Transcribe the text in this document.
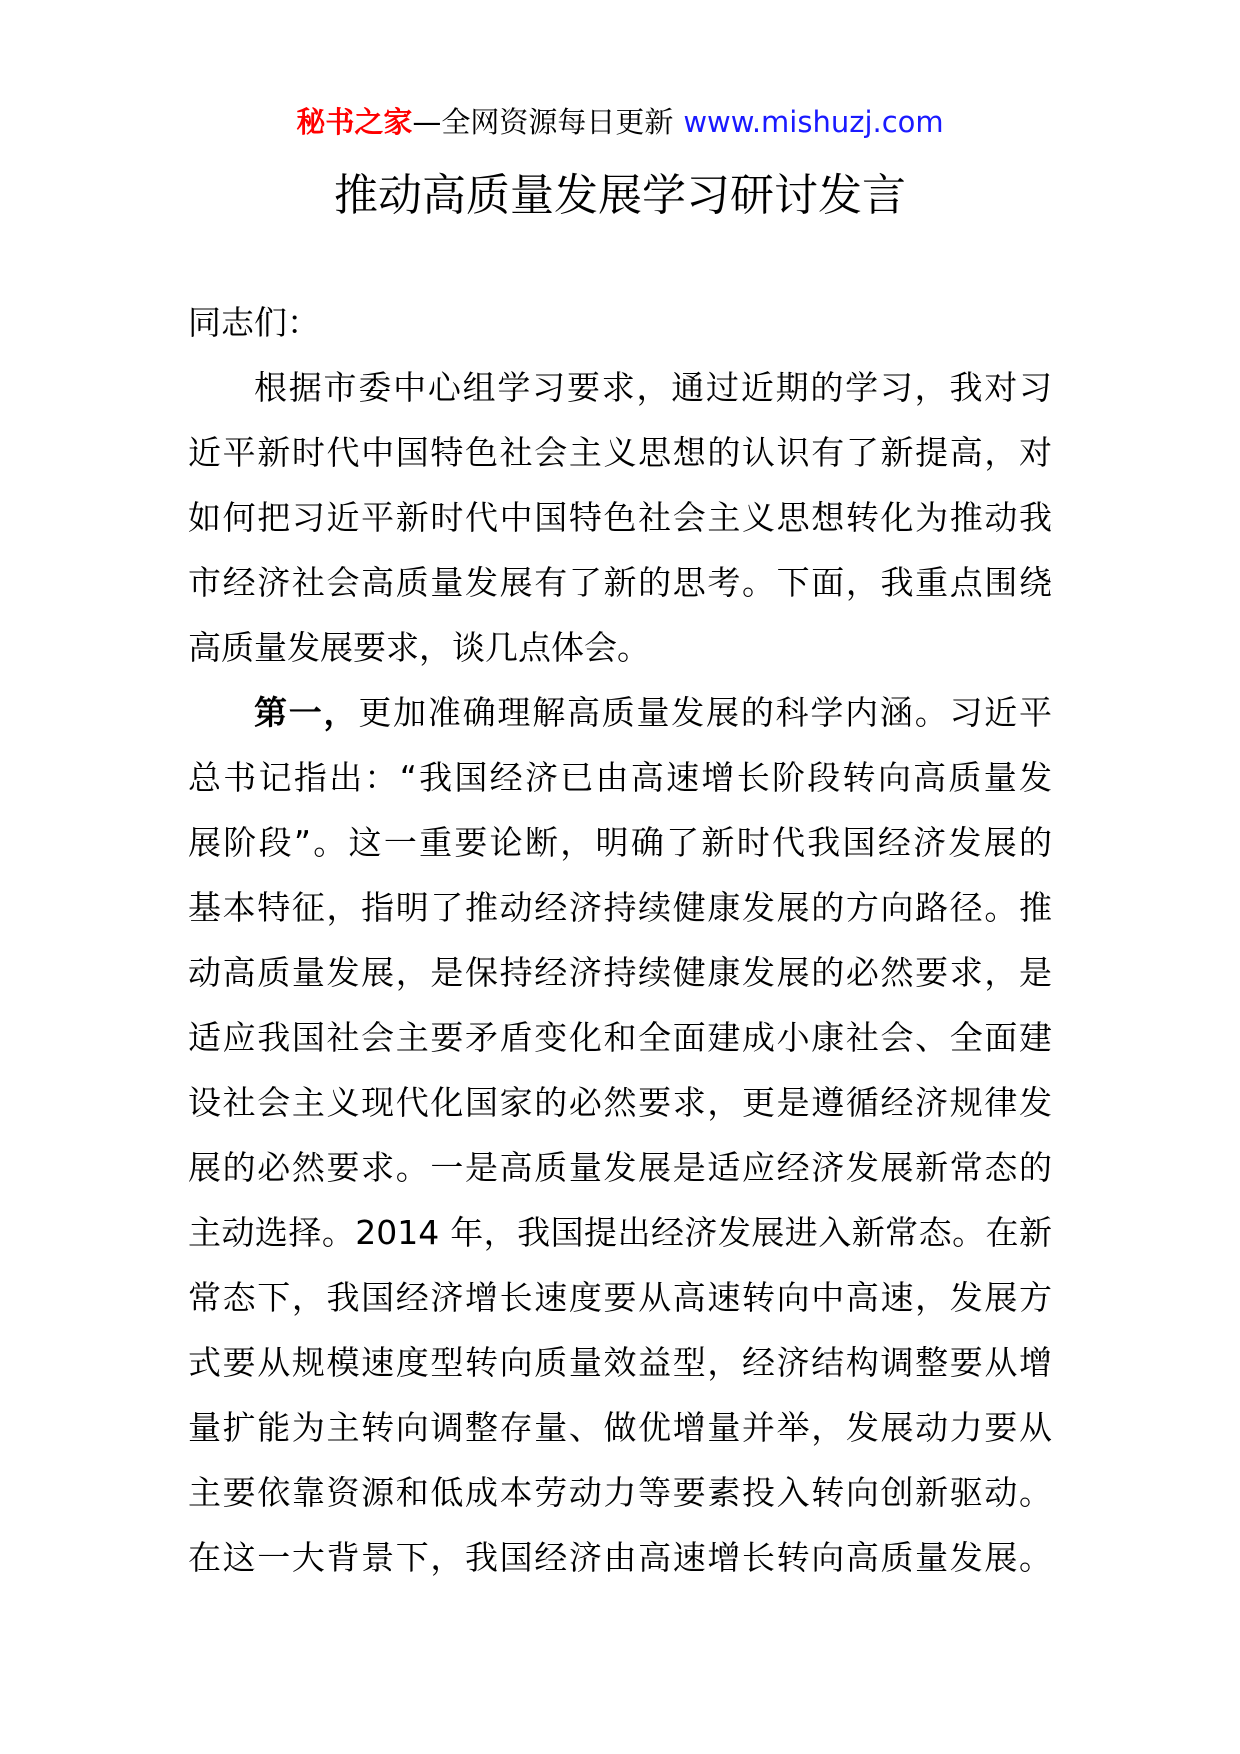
秘书之家—全网资源每日更新 www.mishuzj.com
推动高质量发展学习研讨发言
同志们：
根据市委中心组学习要求，通过近期的学习，我对习
近平新时代中国特色社会主义思想的认识有了新提高，对
如何把习近平新时代中国特色社会主义思想转化为推动我
市经济社会高质量发展有了新的思考。下面，我重点围绕
高质量发展要求，谈几点体会。
第一，更加准确理解高质量发展的科学内涵。习近平
总书记指出：“我国经济已由高速增长阶段转向高质量发
展阶段”。这一重要论断，明确了新时代我国经济发展的
基本特征，指明了推动经济持续健康发展的方向路径。推
动高质量发展，是保持经济持续健康发展的必然要求，是
适应我国社会主要矛盾变化和全面建成小康社会、全面建
设社会主义现代化国家的必然要求，更是遵循经济规律发
展的必然要求。一是高质量发展是适应经济发展新常态的
主动选择。2014 年，我国提出经济发展进入新常态。在新
常态下，我国经济增长速度要从高速转向中高速，发展方
式要从规模速度型转向质量效益型，经济结构调整要从增
量扩能为主转向调整存量、做优增量并举，发展动力要从
主要依靠资源和低成本劳动力等要素投入转向创新驱动。
在这一大背景下，我国经济由高速增长转向高质量发展。
